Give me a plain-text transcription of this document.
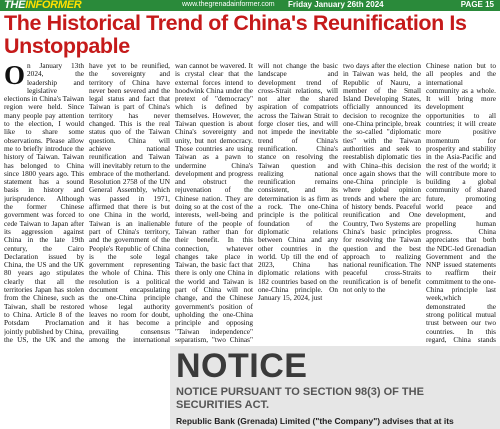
THEINFORMER	www.thegrenadainformer.com Friday January 26th 2024	PAGE 15
The Historical Trend of China's Reunification Is Unstoppable

On January 13th 2024, the leadership and legislative elections in China's Taiwan region were held. Since many people pay attention to the election, I would like to share some observations. Please allow me to briefly introduce the history of Taiwan. Taiwan has belonged to China since 1800 years ago. This statement has a sound basis in history and jurisprudence. Although the former Chinese government was forced to cede Taiwan to Japan after its aggression against China in the late 19th century, the Cairo Declaration issued by China, the US and the UK 80 years ago stipulates clearly that all the territories Japan has stolen from the Chinese, such as Taiwan, shall be restored to China. Article 8 of the Potsdam Proclamation jointly published by China, the US, the UK and the

have yet to be reunified, the sovereignty and territory of China have never been severed and the legal status and fact that Taiwan is part of China's territory has never changed. This is the real status quo of the Taiwan question. China will achieve national reunification and Taiwan will inevitably return to the embrace of the motherland. Resolution 2758 of the UN General Assembly, which was passed in 1971, affirmed that there is but one China in the world, Taiwan is an inalienable part of China's territory, and the government of the People's Republic of China is the sole legal government representing the whole of China. This resolution is a political document encapsulating the one-China principle whose legal authority leaves no room for doubt, and it has become a prevailing consensus among the international

wan cannot be wavered. It is crystal clear that the external forces intend to hoodwink China under the pretext of "democracy" which is defined by themselves. However, the Taiwan question is about China's sovereignty and unity, but not democracy. Those countries are using Taiwan as a pawn to undermine China's development and progress and obstruct the rejuvenation of the Chinese nation. They are doing so at the cost of the interests, well-being and future of the people of Taiwan rather than for their benefit. In this connection, whatever changes take place in Taiwan, the basic fact that there is only one China in the world and Taiwan is part of China will not change, and the Chinese government's position of upholding the one-China principle and opposing "Taiwan independence" separatism, "two Chinas"

will not change the basic landscape and development trend of cross-Strait relations, will not alter the shared aspiration of compatriots across the Taiwan Strait to forge closer ties, and will not impede the inevitable trend of China's reunification. China's stance on resolving the Taiwan question and realizing national reunification remains consistent, and its determination is as firm as a rock. The one-China principle is the political foundation of the diplomatic relations between China and any other countries in the world. Up till the end of 2023, China has diplomatic relations with 182 countries based on the one-China principle. On January 15, 2024, just

two days after the election in Taiwan was held, the Republic of Nauru, a member of the Small Island Developing States, officially announced its decision to recognize the one-China principle, break the so-called "diplomatic ties" with the Taiwan authorities and seek to reestablish diplomatic ties with China–this decision once again shows that the one-China principle is where global opinion trends and where the arc of history bends. Peaceful reunification and One Country, Two Systems are China's basic principles for resolving the Taiwan question and the best approach to realizing national reunification. The peaceful cross-Straits reunification is of benefit not only to the

Chinese nation but to all peoples and the international community as a whole. It will bring more development opportunities to all countries; it will create more positive momentum for prosperity and stability in the Asia-Pacific and the rest of the world; it will contribute more to building a global community of shared future, promoting world peace and development, and propelling human progress. China appreciates that both the NDC-led Grenadian Government and the NNP issued statements to reaffirm their commitment to the one-China principle last week,which demonstrated the strong political mutual trust between our two countries. In this regard, China stands

NOTICE
NOTICE PURSUANT TO SECTION 98(3) OF THE SECURITIES ACT.
Republic Bank (Grenada) Limited ("the Company") advises that at its
